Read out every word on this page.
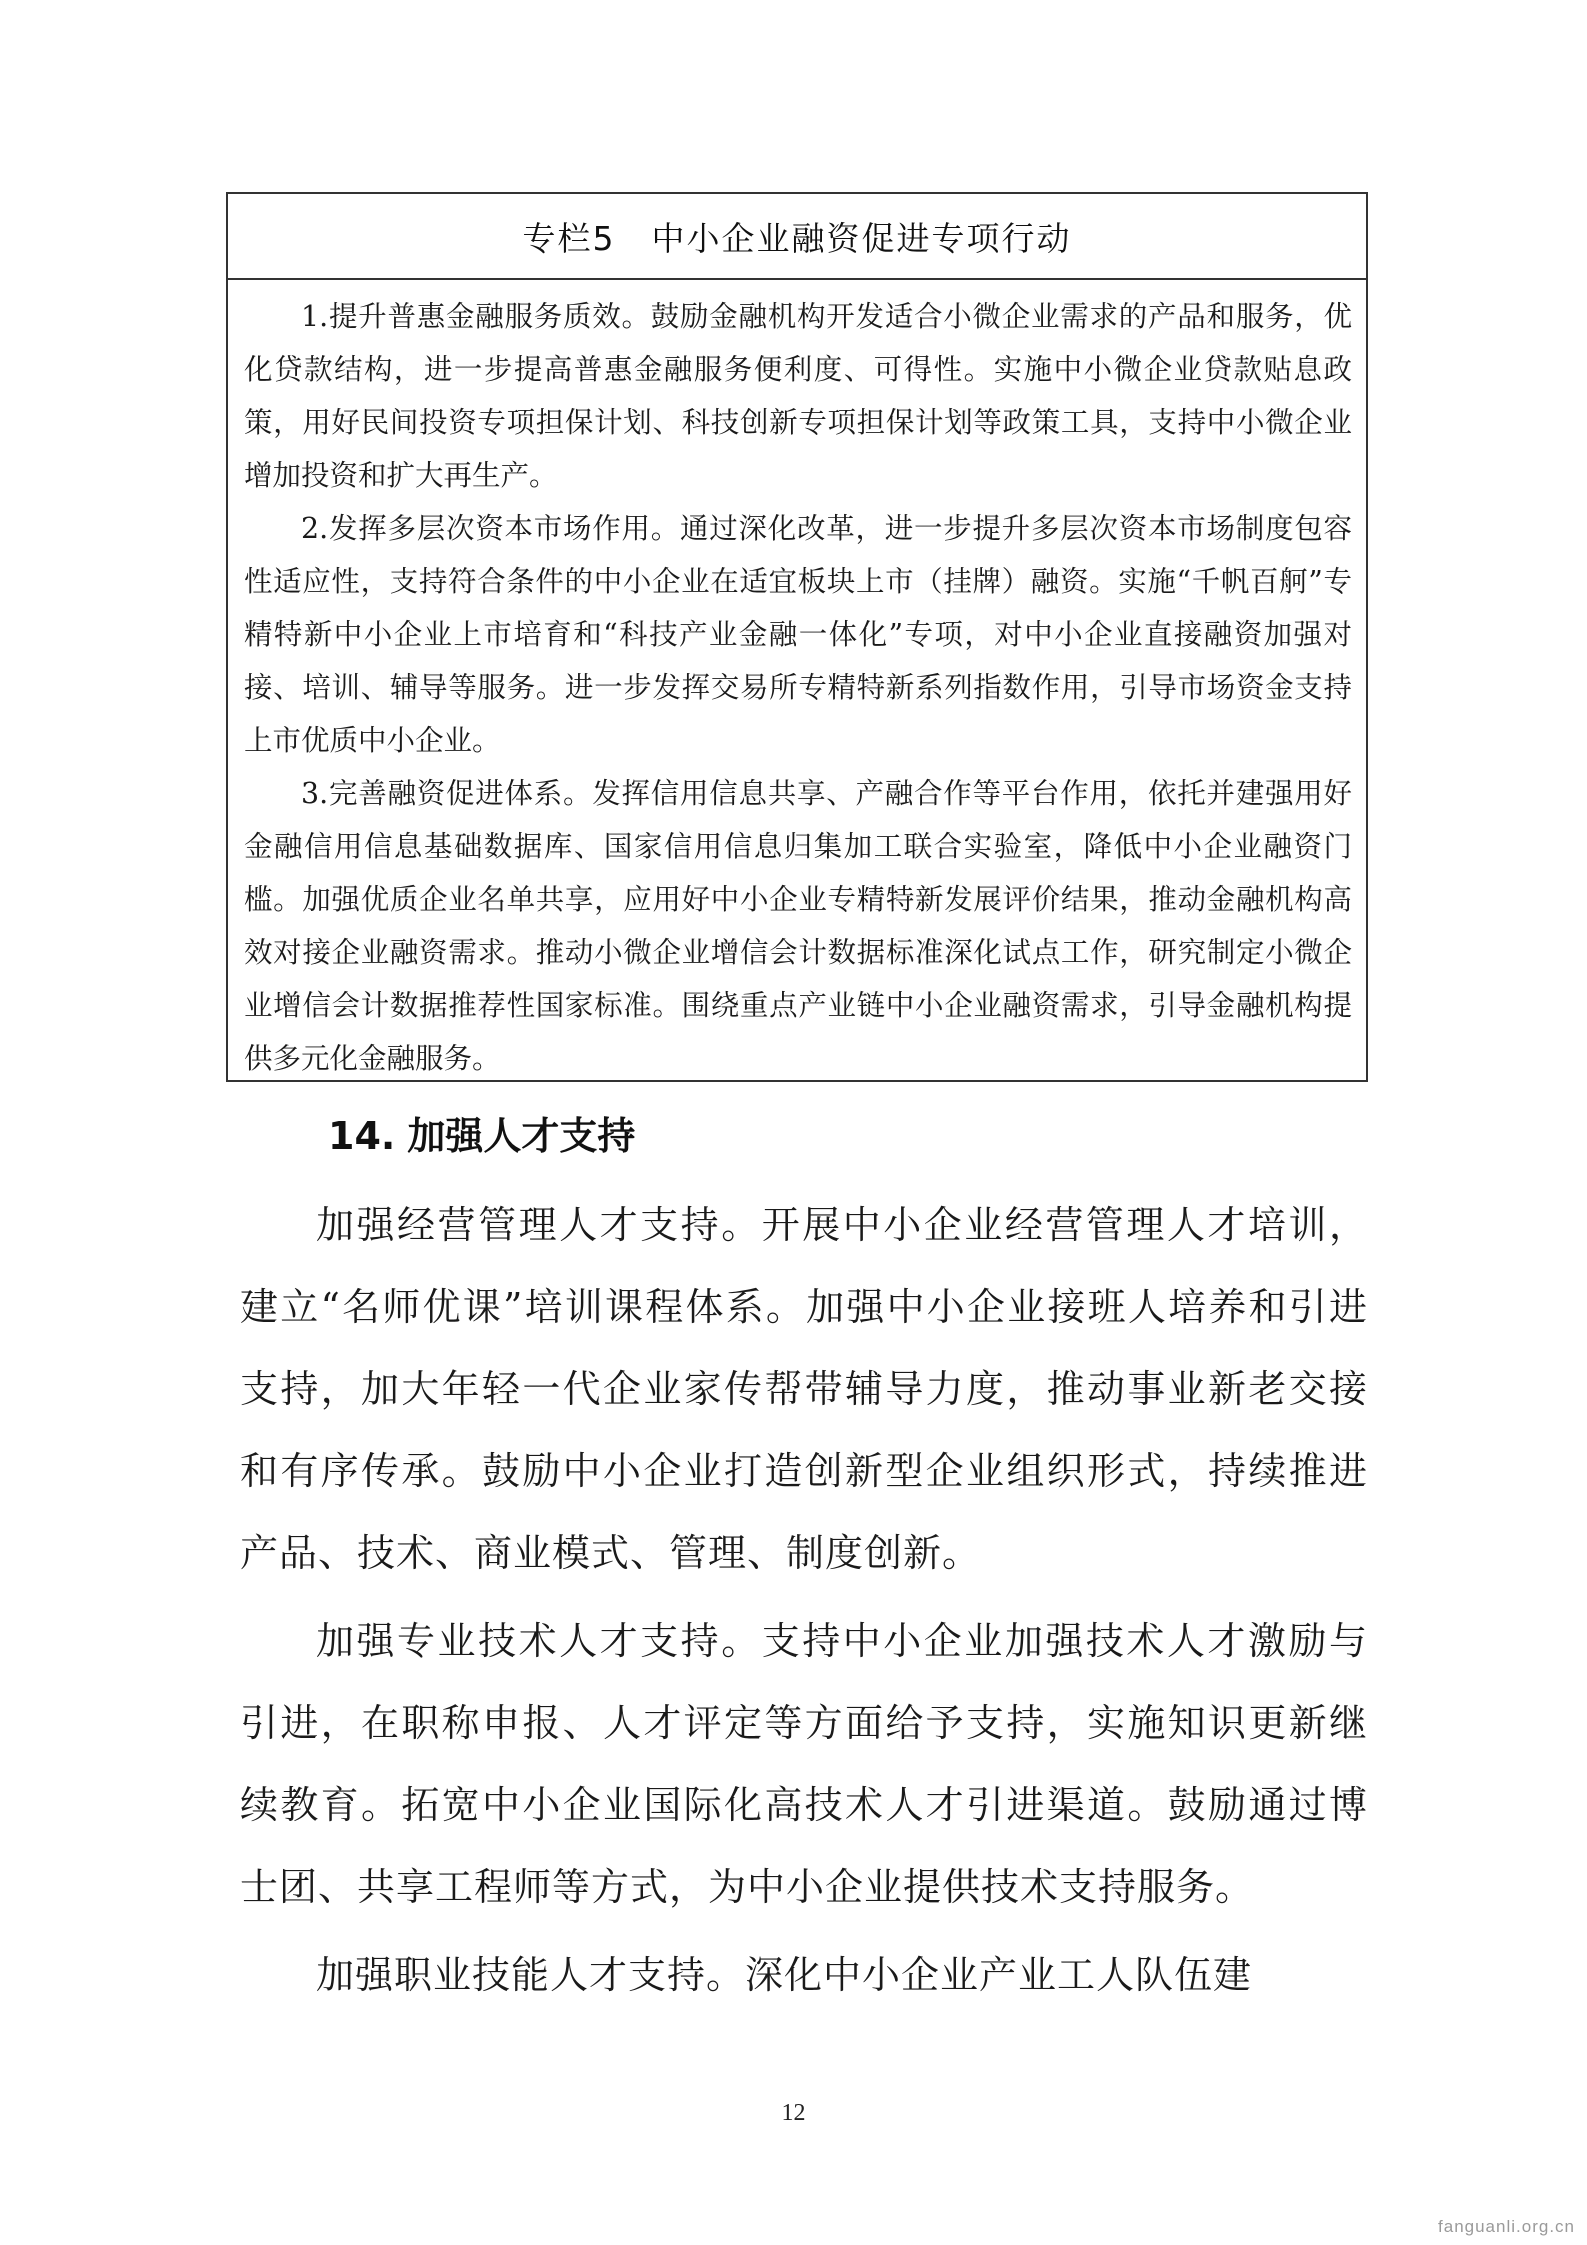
专栏5 中小企业融资促进专项行动

1.提升普惠金融服务质效。鼓励金融机构开发适合小微企业需求的产品和服务，优化贷款结构，进一步提高普惠金融服务便利度、可得性。实施中小微企业贷款贴息政策，用好民间投资专项担保计划、科技创新专项担保计划等政策工具，支持中小微企业增加投资和扩大再生产。

2.发挥多层次资本市场作用。通过深化改革，进一步提升多层次资本市场制度包容性适应性，支持符合条件的中小企业在适宜板块上市（挂牌）融资。实施“千帆百舸”专精特新中小企业上市培育和“科技产业金融一体化”专项，对中小企业直接融资加强对接、培训、辅导等服务。进一步发挥交易所专精特新系列指数作用，引导市场资金支持上市优质中小企业。

3.完善融资促进体系。发挥信用信息共享、产融合作等平台作用，依托并建强用好金融信用信息基础数据库、国家信用信息归集加工联合实验室，降低中小企业融资门槛。加强优质企业名单共享，应用好中小企业专精特新发展评价结果，推动金融机构高效对接企业融资需求。推动小微企业增信会计数据标准深化试点工作，研究制定小微企业增信会计数据推荐性国家标准。围绕重点产业链中小企业融资需求，引导金融机构提供多元化金融服务。

14. 加强人才支持

加强经营管理人才支持。开展中小企业经营管理人才培训，建立“名师优课”培训课程体系。加强中小企业接班人培养和引进支持，加大年轻一代企业家传帮带辅导力度，推动事业新老交接和有序传承。鼓励中小企业打造创新型企业组织形式，持续推进产品、技术、商业模式、管理、制度创新。

加强专业技术人才支持。支持中小企业加强技术人才激励与引进，在职称申报、人才评定等方面给予支持，实施知识更新继续教育。拓宽中小企业国际化高技术人才引进渠道。鼓励通过博士团、共享工程师等方式，为中小企业提供技术支持服务。

加强职业技能人才支持。深化中小企业产业工人队伍建

12
fanguanli.org.cn
